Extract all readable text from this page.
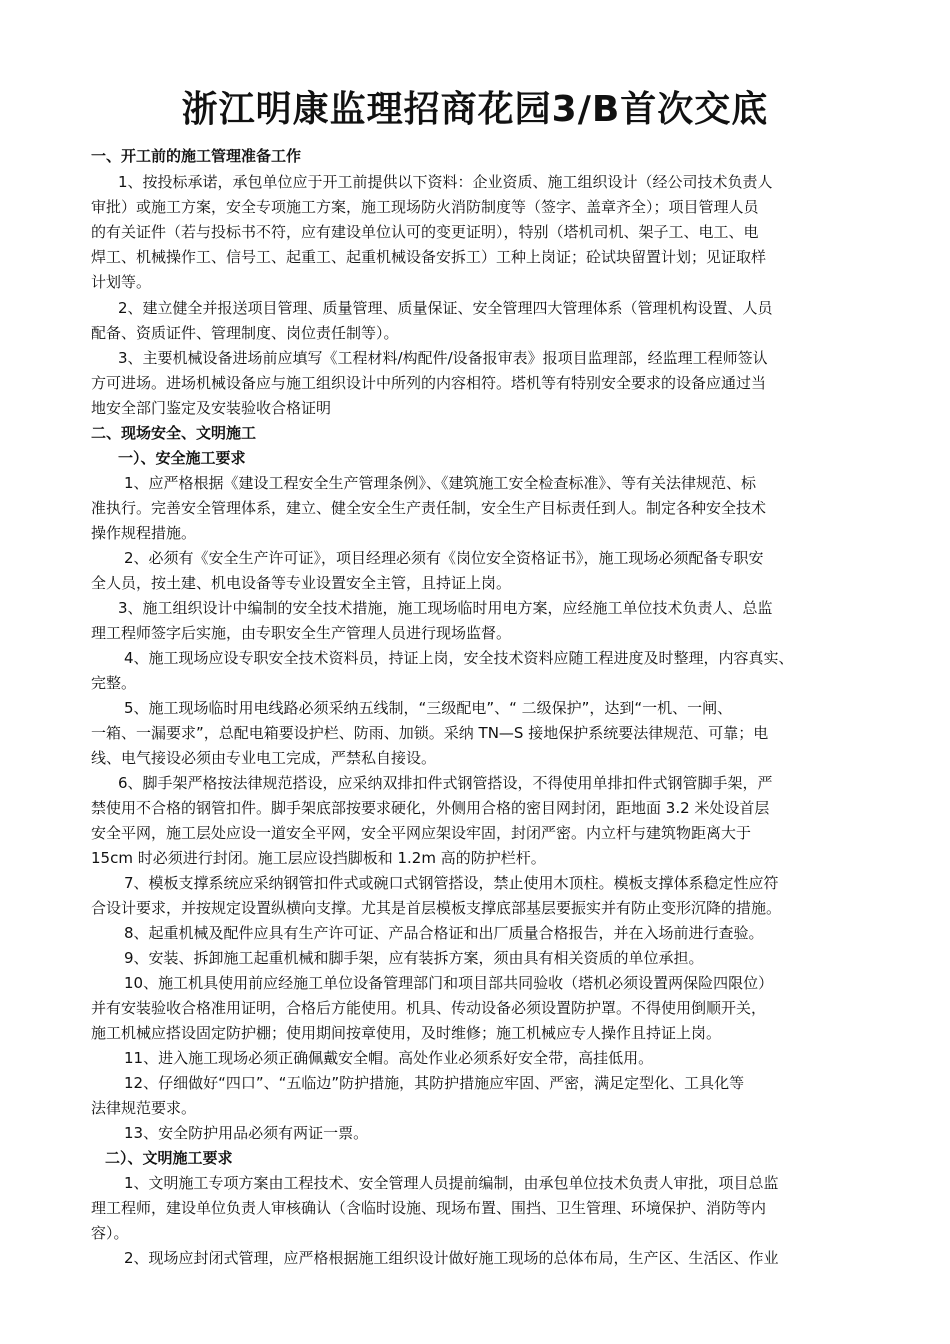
浙江明康监理招商花园3/B首次交底
一、开工前的施工管理准备工作
1、按投标承诺，承包单位应于开工前提供以下资料：企业资质、施工组织设计（经公司技术负责人
审批）或施工方案，安全专项施工方案，施工现场防火消防制度等（签字、盖章齐全）；项目管理人员
的有关证件（若与投标书不符，应有建设单位认可的变更证明），特别（塔机司机、架子工、电工、电
焊工、机械操作工、信号工、起重工、起重机械设备安拆工）工种上岗证；砼试块留置计划；见证取样
计划等。
2、建立健全并报送项目管理、质量管理、质量保证、安全管理四大管理体系（管理机构设置、人员
配备、资质证件、管理制度、岗位责任制等）。
3、主要机械设备进场前应填写《工程材料/构配件/设备报审表》报项目监理部，经监理工程师签认
方可进场。进场机械设备应与施工组织设计中所列的内容相符。塔机等有特别安全要求的设备应通过当
地安全部门鉴定及安装验收合格证明
二、现场安全、文明施工
一）、安全施工要求
1、应严格根据《建设工程安全生产管理条例》、《建筑施工安全检查标准》、等有关法律规范、标
准执行。完善安全管理体系，建立、健全安全生产责任制，安全生产目标责任到人。制定各种安全技术
操作规程措施。
2、必须有《安全生产许可证》，项目经理必须有《岗位安全资格证书》，施工现场必须配备专职安
全人员，按土建、机电设备等专业设置安全主管，且持证上岗。
3、施工组织设计中编制的安全技术措施，施工现场临时用电方案，应经施工单位技术负责人、总监
理工程师签字后实施，由专职安全生产管理人员进行现场监督。
4、施工现场应设专职安全技术资料员，持证上岗，安全技术资料应随工程进度及时整理，内容真实、
完整。
5、施工现场临时用电线路必须采纳五线制，“三级配电”、“ 二级保护”，达到“一机、一闸、
一箱、一漏要求”，总配电箱要设护栏、防雨、加锁。采纳 TN—S 接地保护系统要法律规范、可靠；电
线、电气接设必须由专业电工完成，严禁私自接设。
6、脚手架严格按法律规范搭设，应采纳双排扣件式钢管搭设，不得使用单排扣件式钢管脚手架，严
禁使用不合格的钢管扣件。脚手架底部按要求硬化，外侧用合格的密目网封闭，距地面 3.2 米处设首层
安全平网，施工层处应设一道安全平网，安全平网应架设牢固，封闭严密。内立杆与建筑物距离大于
15cm 时必须进行封闭。施工层应设挡脚板和 1.2m 高的防护栏杆。
7、模板支撑系统应采纳钢管扣件式或碗口式钢管搭设，禁止使用木顶柱。模板支撑体系稳定性应符
合设计要求，并按规定设置纵横向支撑。尤其是首层模板支撑底部基层要振实并有防止变形沉降的措施。
8、起重机械及配件应具有生产许可证、产品合格证和出厂质量合格报告，并在入场前进行查验。
9、安装、拆卸施工起重机械和脚手架，应有装拆方案，须由具有相关资质的单位承担。
10、施工机具使用前应经施工单位设备管理部门和项目部共同验收（塔机必须设置两保险四限位）
并有安装验收合格准用证明，合格后方能使用。机具、传动设备必须设置防护罩。不得使用倒顺开关，
施工机械应搭设固定防护棚；使用期间按章使用，及时维修；施工机械应专人操作且持证上岗。
11、进入施工现场必须正确佩戴安全帽。高处作业必须系好安全带，高挂低用。
12、仔细做好“四口”、“五临边”防护措施，其防护措施应牢固、严密，满足定型化、工具化等
法律规范要求。
13、安全防护用品必须有两证一票。
二）、文明施工要求
1、文明施工专项方案由工程技术、安全管理人员提前编制，由承包单位技术负责人审批，项目总监
理工程师，建设单位负责人审核确认（含临时设施、现场布置、围挡、卫生管理、环境保护、消防等内
容）。
2、现场应封闭式管理，应严格根据施工组织设计做好施工现场的总体布局，生产区、生活区、作业
